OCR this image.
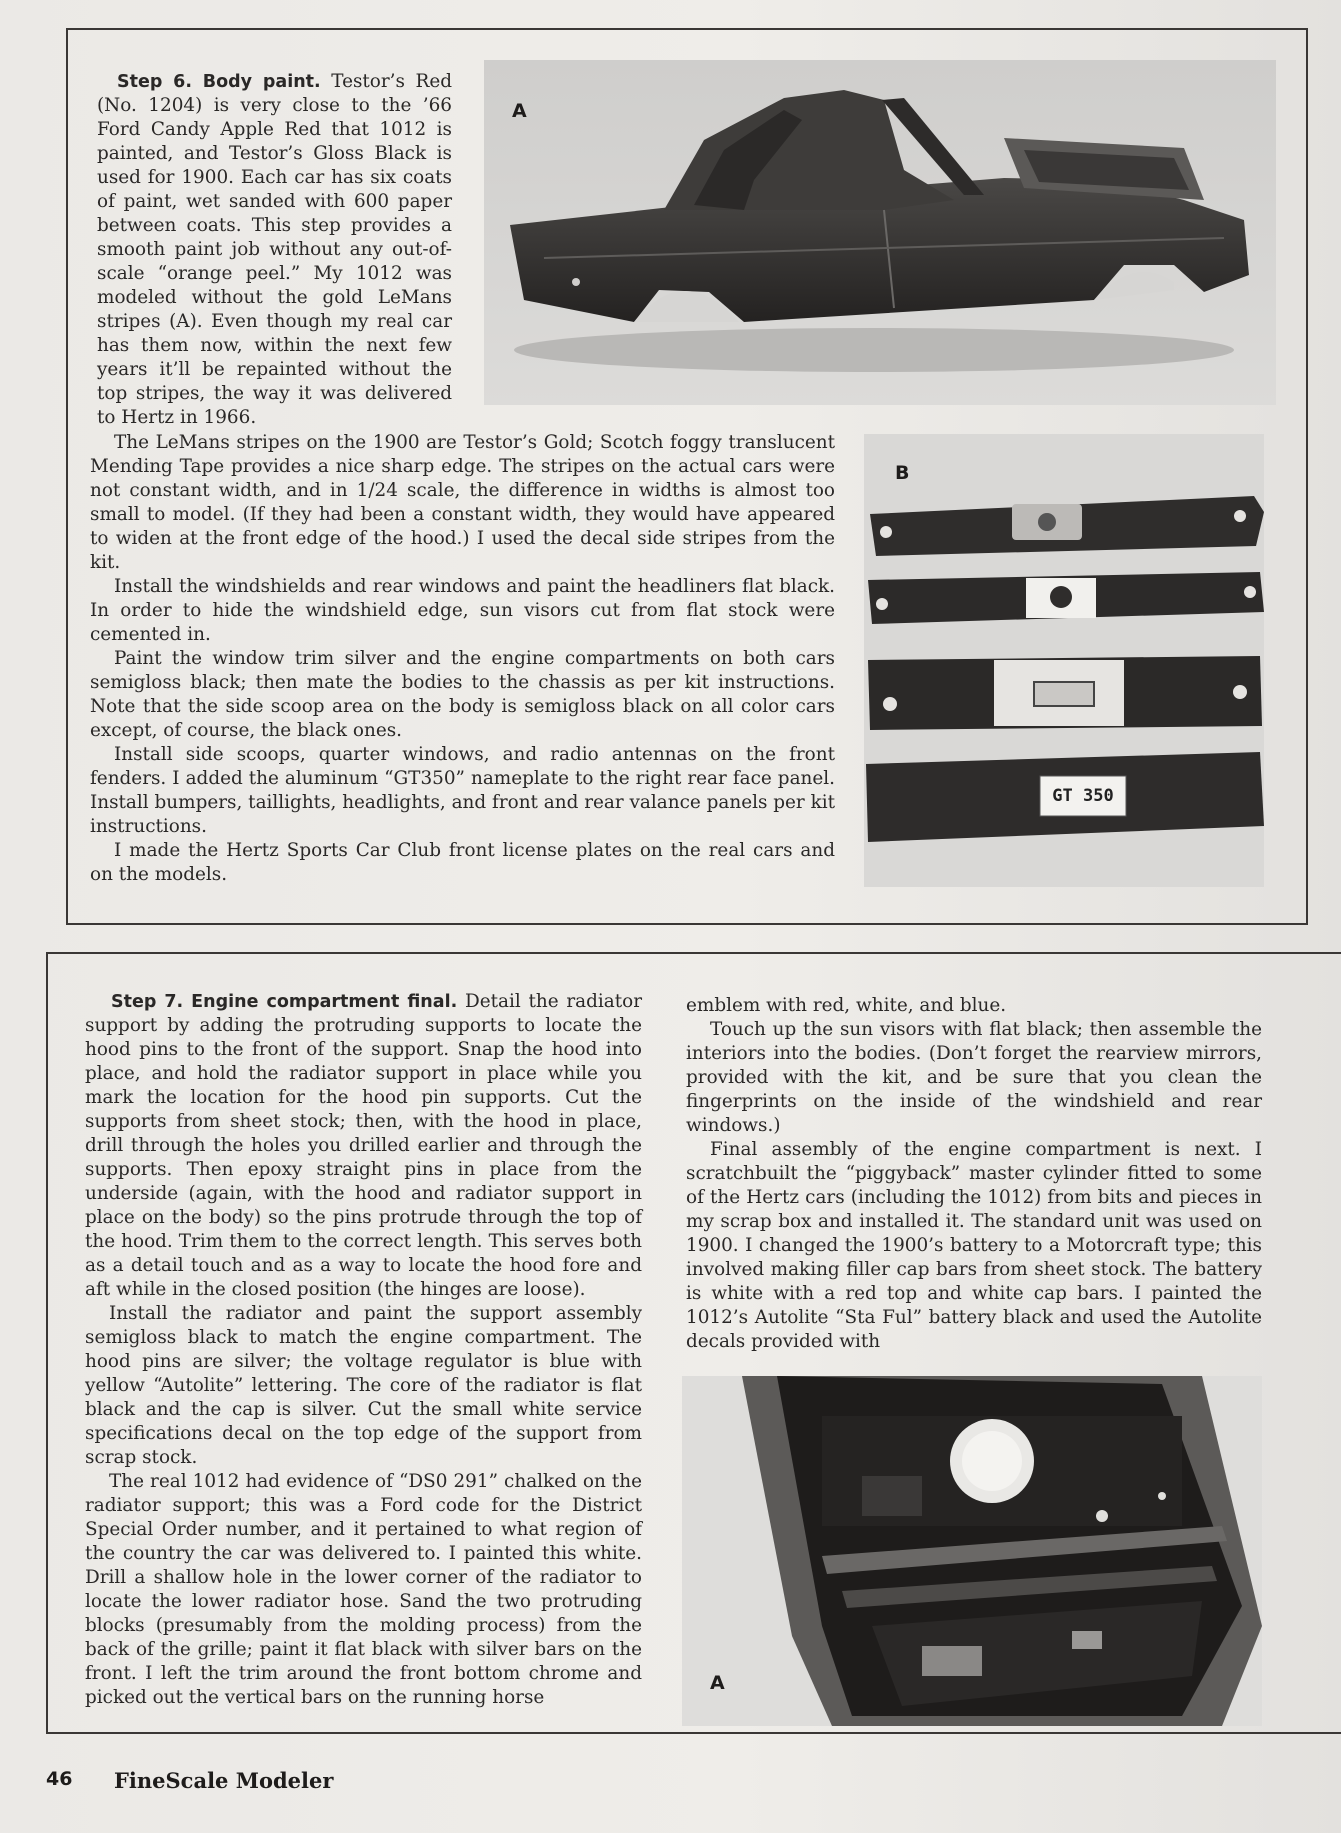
A
B
GT 350

Step 6. Body paint. Testor’s Red (No. 1204) is very close to the ’66 Ford Candy Apple Red that 1012 is painted, and Testor’s Gloss Black is used for 1900. Each car has six coats of paint, wet sanded with 600 paper between coats. This step provides a smooth paint job without any out-of-scale “orange peel.” My 1012 was modeled without the gold LeMans stripes (A). Even though my real car has them now, within the next few years it’ll be repainted without the top stripes, the way it was delivered to Hertz in 1966.

The LeMans stripes on the 1900 are Testor’s Gold; Scotch foggy translucent Mending Tape provides a nice sharp edge. The stripes on the actual cars were not constant width, and in 1/24 scale, the difference in widths is almost too small to model. (If they had been a constant width, they would have appeared to widen at the front edge of the hood.) I used the decal side stripes from the kit.

Install the windshields and rear windows and paint the headliners flat black. In order to hide the windshield edge, sun visors cut from flat stock were cemented in.

Paint the window trim silver and the engine compartments on both cars semigloss black; then mate the bodies to the chassis as per kit instructions. Note that the side scoop area on the body is semigloss black on all color cars except, of course, the black ones.

Install side scoops, quarter windows, and radio antennas on the front fenders. I added the aluminum “GT350” nameplate to the right rear face panel. Install bumpers, taillights, headlights, and front and rear valance panels per kit instructions.

I made the Hertz Sports Car Club front license plates on the real cars and on the models.

Step 7. Engine compartment final. Detail the radiator support by adding the protruding supports to locate the hood pins to the front of the support. Snap the hood into place, and hold the radiator support in place while you mark the location for the hood pin supports. Cut the supports from sheet stock; then, with the hood in place, drill through the holes you drilled earlier and through the supports. Then epoxy straight pins in place from the underside (again, with the hood and radiator support in place on the body) so the pins protrude through the top of the hood. Trim them to the correct length. This serves both as a detail touch and as a way to locate the hood fore and aft while in the closed position (the hinges are loose).

Install the radiator and paint the support assembly semigloss black to match the engine compartment. The hood pins are silver; the voltage regulator is blue with yellow “Autolite” lettering. The core of the radiator is flat black and the cap is silver. Cut the small white service specifications decal on the top edge of the support from scrap stock.

The real 1012 had evidence of “DS0 291” chalked on the radiator support; this was a Ford code for the District Special Order number, and it pertained to what region of the country the car was delivered to. I painted this white. Drill a shallow hole in the lower corner of the radiator to locate the lower radiator hose. Sand the two protruding blocks (presumably from the molding process) from the back of the grille; paint it flat black with silver bars on the front. I left the trim around the front bottom chrome and picked out the vertical bars on the running horse

emblem with red, white, and blue.

Touch up the sun visors with flat black; then assemble the interiors into the bodies. (Don’t forget the rearview mirrors, provided with the kit, and be sure that you clean the fingerprints on the inside of the windshield and rear windows.)

Final assembly of the engine compartment is next. I scratchbuilt the “piggyback” master cylinder fitted to some of the Hertz cars (including the 1012) from bits and pieces in my scrap box and installed it. The standard unit was used on 1900. I changed the 1900’s battery to a Motorcraft type; this involved making filler cap bars from sheet stock. The battery is white with a red top and white cap bars. I painted the 1012’s Autolite “Sta Ful” battery black and used the Autolite decals provided with

A
46 FineScale Modeler
